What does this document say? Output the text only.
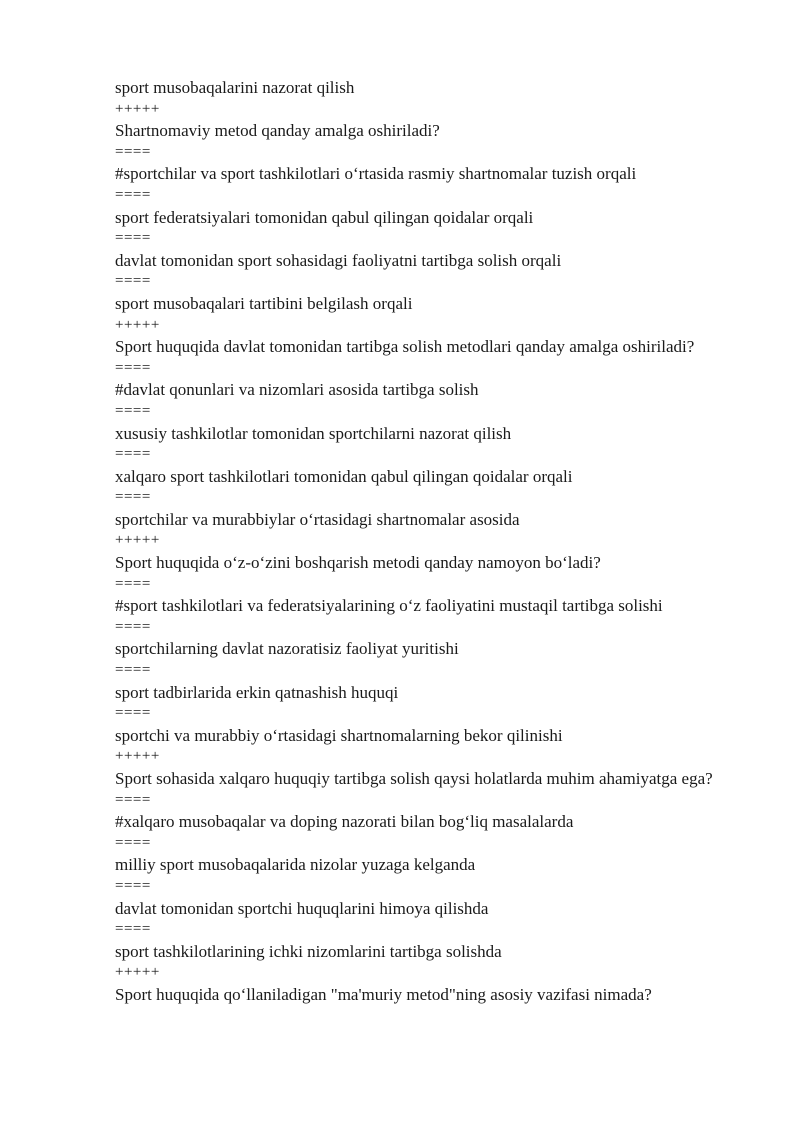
sport musobaqalarini nazorat qilish
+++++
Shartnomaviy metod qanday amalga oshiriladi?
====
#sportchilar va sport tashkilotlari o‘rtasida rasmiy shartnomalar tuzish orqali
====
sport federatsiyalari tomonidan qabul qilingan qoidalar orqali
====
davlat tomonidan sport sohasidagi faoliyatni tartibga solish orqali
====
sport musobaqalari tartibini belgilash orqali
+++++
Sport huquqida davlat tomonidan tartibga solish metodlari qanday amalga oshiriladi?
====
#davlat qonunlari va nizomlari asosida tartibga solish
====
xususiy tashkilotlar tomonidan sportchilarni nazorat qilish
====
xalqaro sport tashkilotlari tomonidan qabul qilingan qoidalar orqali
====
sportchilar va murabbiylar o‘rtasidagi shartnomalar asosida
+++++
Sport huquqida o‘z-o‘zini boshqarish metodi qanday namoyon bo‘ladi?
====
#sport tashkilotlari va federatsiyalarining o‘z faoliyatini mustaqil tartibga solishi
====
sportchilarning davlat nazoratisiz faoliyat yuritishi
====
sport tadbirlarida erkin qatnashish huquqi
====
sportchi va murabbiy o‘rtasidagi shartnomalarning bekor qilinishi
+++++
Sport sohasida xalqaro huquqiy tartibga solish qaysi holatlarda muhim ahamiyatga ega?
====
#xalqaro musobaqalar va doping nazorati bilan bog‘liq masalalarda
====
milliy sport musobaqalarida nizolar yuzaga kelganda
====
davlat tomonidan sportchi huquqlarini himoya qilishda
====
sport tashkilotlarining ichki nizomlarini tartibga solishda
+++++
Sport huquqida qo‘llaniladigan "ma'muriy metod"ning asosiy vazifasi nimada?
